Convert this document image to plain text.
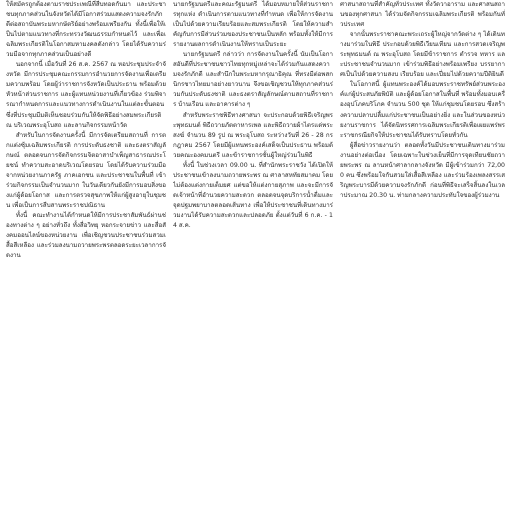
ให้สมัครถูกต้องตามราชประเพณีที่สืบทอดกันมา และประชาชนทุกภาคส่วนในจังหวัดได้มีโอกาสร่วมแสดงความจงรักภักดีต่อสถาบันพระมหากษัตริย์อย่างพร้อมเพรียงกัน ทั้งนี้เพื่อให้เป็นไปตามแนวทางที่กระทรวงวัฒนธรรมกำหนดไว้ และเพื่อเฉลิมพระเกียรติในโอกาสมหามงคลดังกล่าว โดยได้รับความร่วมมือจากทุกภาคส่วนเป็นอย่างดี

นอกจากนี้ เมื่อวันที่ 26 ส.ค. 2567 ณ หอประชุมประจำจังหวัด มีการประชุมคณะกรรมการอำนวยการจัดงานเพื่อเตรียมความพร้อม โดยผู้ว่าราชการจังหวัดเป็นประธาน พร้อมด้วยหัวหน้าส่วนราชการ และผู้แทนหน่วยงานที่เกี่ยวข้อง ร่วมพิจารณากำหนดการและแนวทางการดำเนินงานในแต่ละขั้นตอน ซึ่งที่ประชุมมีมติเห็นชอบร่วมกันให้จัดพิธีอย่างสมพระเกียรติ ณ บริเวณพระอุโบสถ และลานกิจกรรมหน้าวัด

สำหรับในการจัดงานครั้งนี้ มีการจัดเตรียมสถานที่ การตกแต่งซุ้มเฉลิมพระเกียรติ การประดับธงชาติ และธงตราสัญลักษณ์ ตลอดจนการจัดกิจกรรมจิตอาสาบำเพ็ญสาธารณประโยชน์ ทำความสะอาดบริเวณโดยรอบ โดยได้รับความร่วมมือจากหน่วยงานภาครัฐ ภาคเอกชน และประชาชนในพื้นที่ เข้าร่วมกิจกรรมเป็นจำนวนมาก ในวันเดียวกันยังมีการมอบสิ่งของแก่ผู้ด้อยโอกาส และการตรวจสุขภาพให้แก่ผู้สูงอายุในชุมชน เพื่อเป็นการสืบสานพระราชปณิธาน

ทั้งนี้ คณะทำงานได้กำหนดให้มีการประชาสัมพันธ์ผ่านช่องทางต่าง ๆ อย่างทั่วถึง ทั้งสื่อวิทยุ หอกระจายข่าว และสื่อสังคมออนไลน์ของหน่วยงาน เพื่อเชิญชวนประชาชนร่วมสวมเสื้อสีเหลือง และร่วมลงนามถวายพระพรตลอดระยะเวลาการจัดงาน

นายกรัฐมนตรีและคณะรัฐมนตรี ได้มอบหมายให้ส่วนราชการทุกแห่ง ดำเนินการตามแนวทางที่กำหนด เพื่อให้การจัดงานเป็นไปด้วยความเรียบร้อยและสมพระเกียรติ โดยให้ความสำคัญกับการมีส่วนร่วมของประชาชนเป็นหลัก พร้อมทั้งให้มีการรายงานผลการดำเนินงานให้ทราบเป็นระยะ

นายกรัฐมนตรี กล่าวว่า การจัดงานในครั้งนี้ นับเป็นโอกาสอันดีที่ประชาชนชาวไทยทุกหมู่เหล่าจะได้ร่วมกันแสดงความจงรักภักดี และสำนึกในพระมหากรุณาธิคุณ ที่ทรงมีต่อพสกนิกรชาวไทยมาอย่างยาวนาน จึงขอเชิญชวนให้ทุกภาคส่วนร่วมกันประดับธงชาติ และธงตราสัญลักษณ์ตามสถานที่ราชการ บ้านเรือน และอาคารต่าง ๆ

สำหรับพระราชพิธีทางศาสนา จะประกอบด้วยพิธีเจริญพระพุทธมนต์ พิธีถวายภัตตาหารเพล และพิธีถวายผ้าไตรแด่พระสงฆ์ จำนวน 89 รูป ณ พระอุโบสถ ระหว่างวันที่ 26 - 28 กรกฎาคม 2567 โดยมีผู้แทนพระองค์เสด็จเป็นประธาน พร้อมด้วยคณะองคมนตรี และข้าราชการชั้นผู้ใหญ่ร่วมในพิธี

ทั้งนี้ ในช่วงเวลา 09.00 น. ที่สำนักพระราชวัง ได้เปิดให้ประชาชนเข้าลงนามถวายพระพร ณ ศาลาสหทัยสมาคม โดยไม่ต้องแต่งกายเต็มยศ แต่ขอให้แต่งกายสุภาพ และจะมีการจัดเจ้าหน้าที่อำนวยความสะดวก ตลอดจนจุดบริการน้ำดื่มและจุดปฐมพยาบาลตลอดเส้นทาง เพื่อให้ประชาชนที่เดินทางมาร่วมงานได้รับความสะดวกและปลอดภัย ตั้งแต่วันที่ 6 ก.ค. - 14 ส.ค.

ศาสนาสถานที่สำคัญทั่วประเทศ ทั้งวัดวาอาราม และศาสนสถานของทุกศาสนา ได้ร่วมจัดกิจกรรมเฉลิมพระเกียรติ พร้อมกันทั่วประเทศ

จากนั้นพระราชาคณะพระเถระผู้ใหญ่จากวัดต่าง ๆ ได้เดินทางมาร่วมในพิธี ประกอบด้วยพิธีเวียนเทียน และการสวดเจริญพระพุทธมนต์ ณ พระอุโบสถ โดยมีข้าราชการ ตำรวจ ทหาร และประชาชนจำนวนมาก เข้าร่วมพิธีอย่างพร้อมเพรียง บรรยากาศเป็นไปด้วยความสงบ เรียบร้อย และเปี่ยมไปด้วยความปีติยินดี

ในโอกาสนี้ ผู้แทนพระองค์ได้มอบพระราชทรัพย์ส่วนพระองค์แก่ผู้ประสบภัยพิบัติ และผู้ด้อยโอกาสในพื้นที่ พร้อมทั้งมอบเครื่องอุปโภคบริโภค จำนวน 500 ชุด ให้แก่ชุมชนโดยรอบ ซึ่งสร้างความปลาบปลื้มแก่ประชาชนเป็นอย่างยิ่ง และในส่วนของหน่วยงานราชการ ได้จัดนิทรรศการเฉลิมพระเกียรติเพื่อเผยแพร่พระราชกรณียกิจให้ประชาชนได้รับทราบโดยทั่วกัน

ผู้สื่อข่าวรายงานว่า ตลอดทั้งวันมีประชาชนเดินทางมาร่วมงานอย่างต่อเนื่อง โดยเฉพาะในช่วงเย็นที่มีการจุดเทียนชัยถวายพระพร ณ ลานหน้าศาลากลางจังหวัด มีผู้เข้าร่วมกว่า 72,000 คน ซึ่งพร้อมใจกันสวมใส่เสื้อสีเหลือง และร่วมร้องเพลงสรรเสริญพระบารมีด้วยความจงรักภักดี ก่อนที่พิธีจะเสร็จสิ้นลงในเวลาประมาณ 20.30 น. ท่ามกลางความประทับใจของผู้ร่วมงาน
